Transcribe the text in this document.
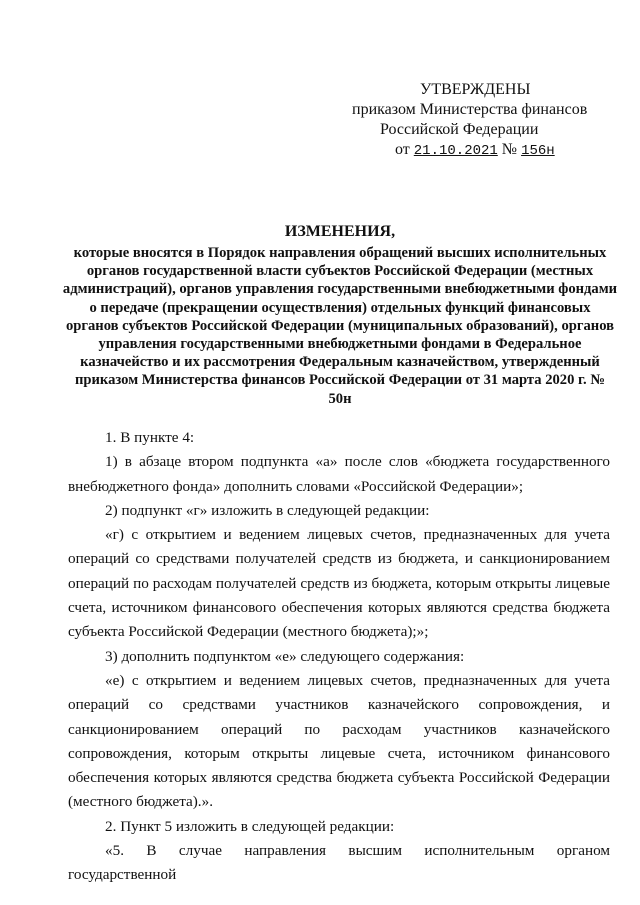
УТВЕРЖДЕНЫ
приказом Министерства финансов
Российской Федерации
от 21.10.2021 № 156н
ИЗМЕНЕНИЯ,
которые вносятся в Порядок направления обращений высших исполнительных органов государственной власти субъектов Российской Федерации (местных администраций), органов управления государственными внебюджетными фондами о передаче (прекращении осуществления) отдельных функций финансовых органов субъектов Российской Федерации (муниципальных образований), органов управления государственными внебюджетными фондами в Федеральное казначейство и их рассмотрения Федеральным казначейством, утвержденный приказом Министерства финансов Российской Федерации от 31 марта 2020 г. № 50н

1. В пункте 4:

1) в абзаце втором подпункта «а» после слов «бюджета государственного внебюджетного фонда» дополнить словами «Российской Федерации»;

2) подпункт «г» изложить в следующей редакции:

«г) с открытием и ведением лицевых счетов, предназначенных для учета операций со средствами получателей средств из бюджета, и санкционированием операций по расходам получателей средств из бюджета, которым открыты лицевые счета, источником финансового обеспечения которых являются средства бюджета субъекта Российской Федерации (местного бюджета);»;

3) дополнить подпунктом «е» следующего содержания:

«е) с открытием и ведением лицевых счетов, предназначенных для учета операций со средствами участников казначейского сопровождения, и санкционированием операций по расходам участников казначейского сопровождения, которым открыты лицевые счета, источником финансового обеспечения которых являются средства бюджета субъекта Российской Федерации (местного бюджета).».

2. Пункт 5 изложить в следующей редакции:

«5. В случае направления высшим исполнительным органом государственной
